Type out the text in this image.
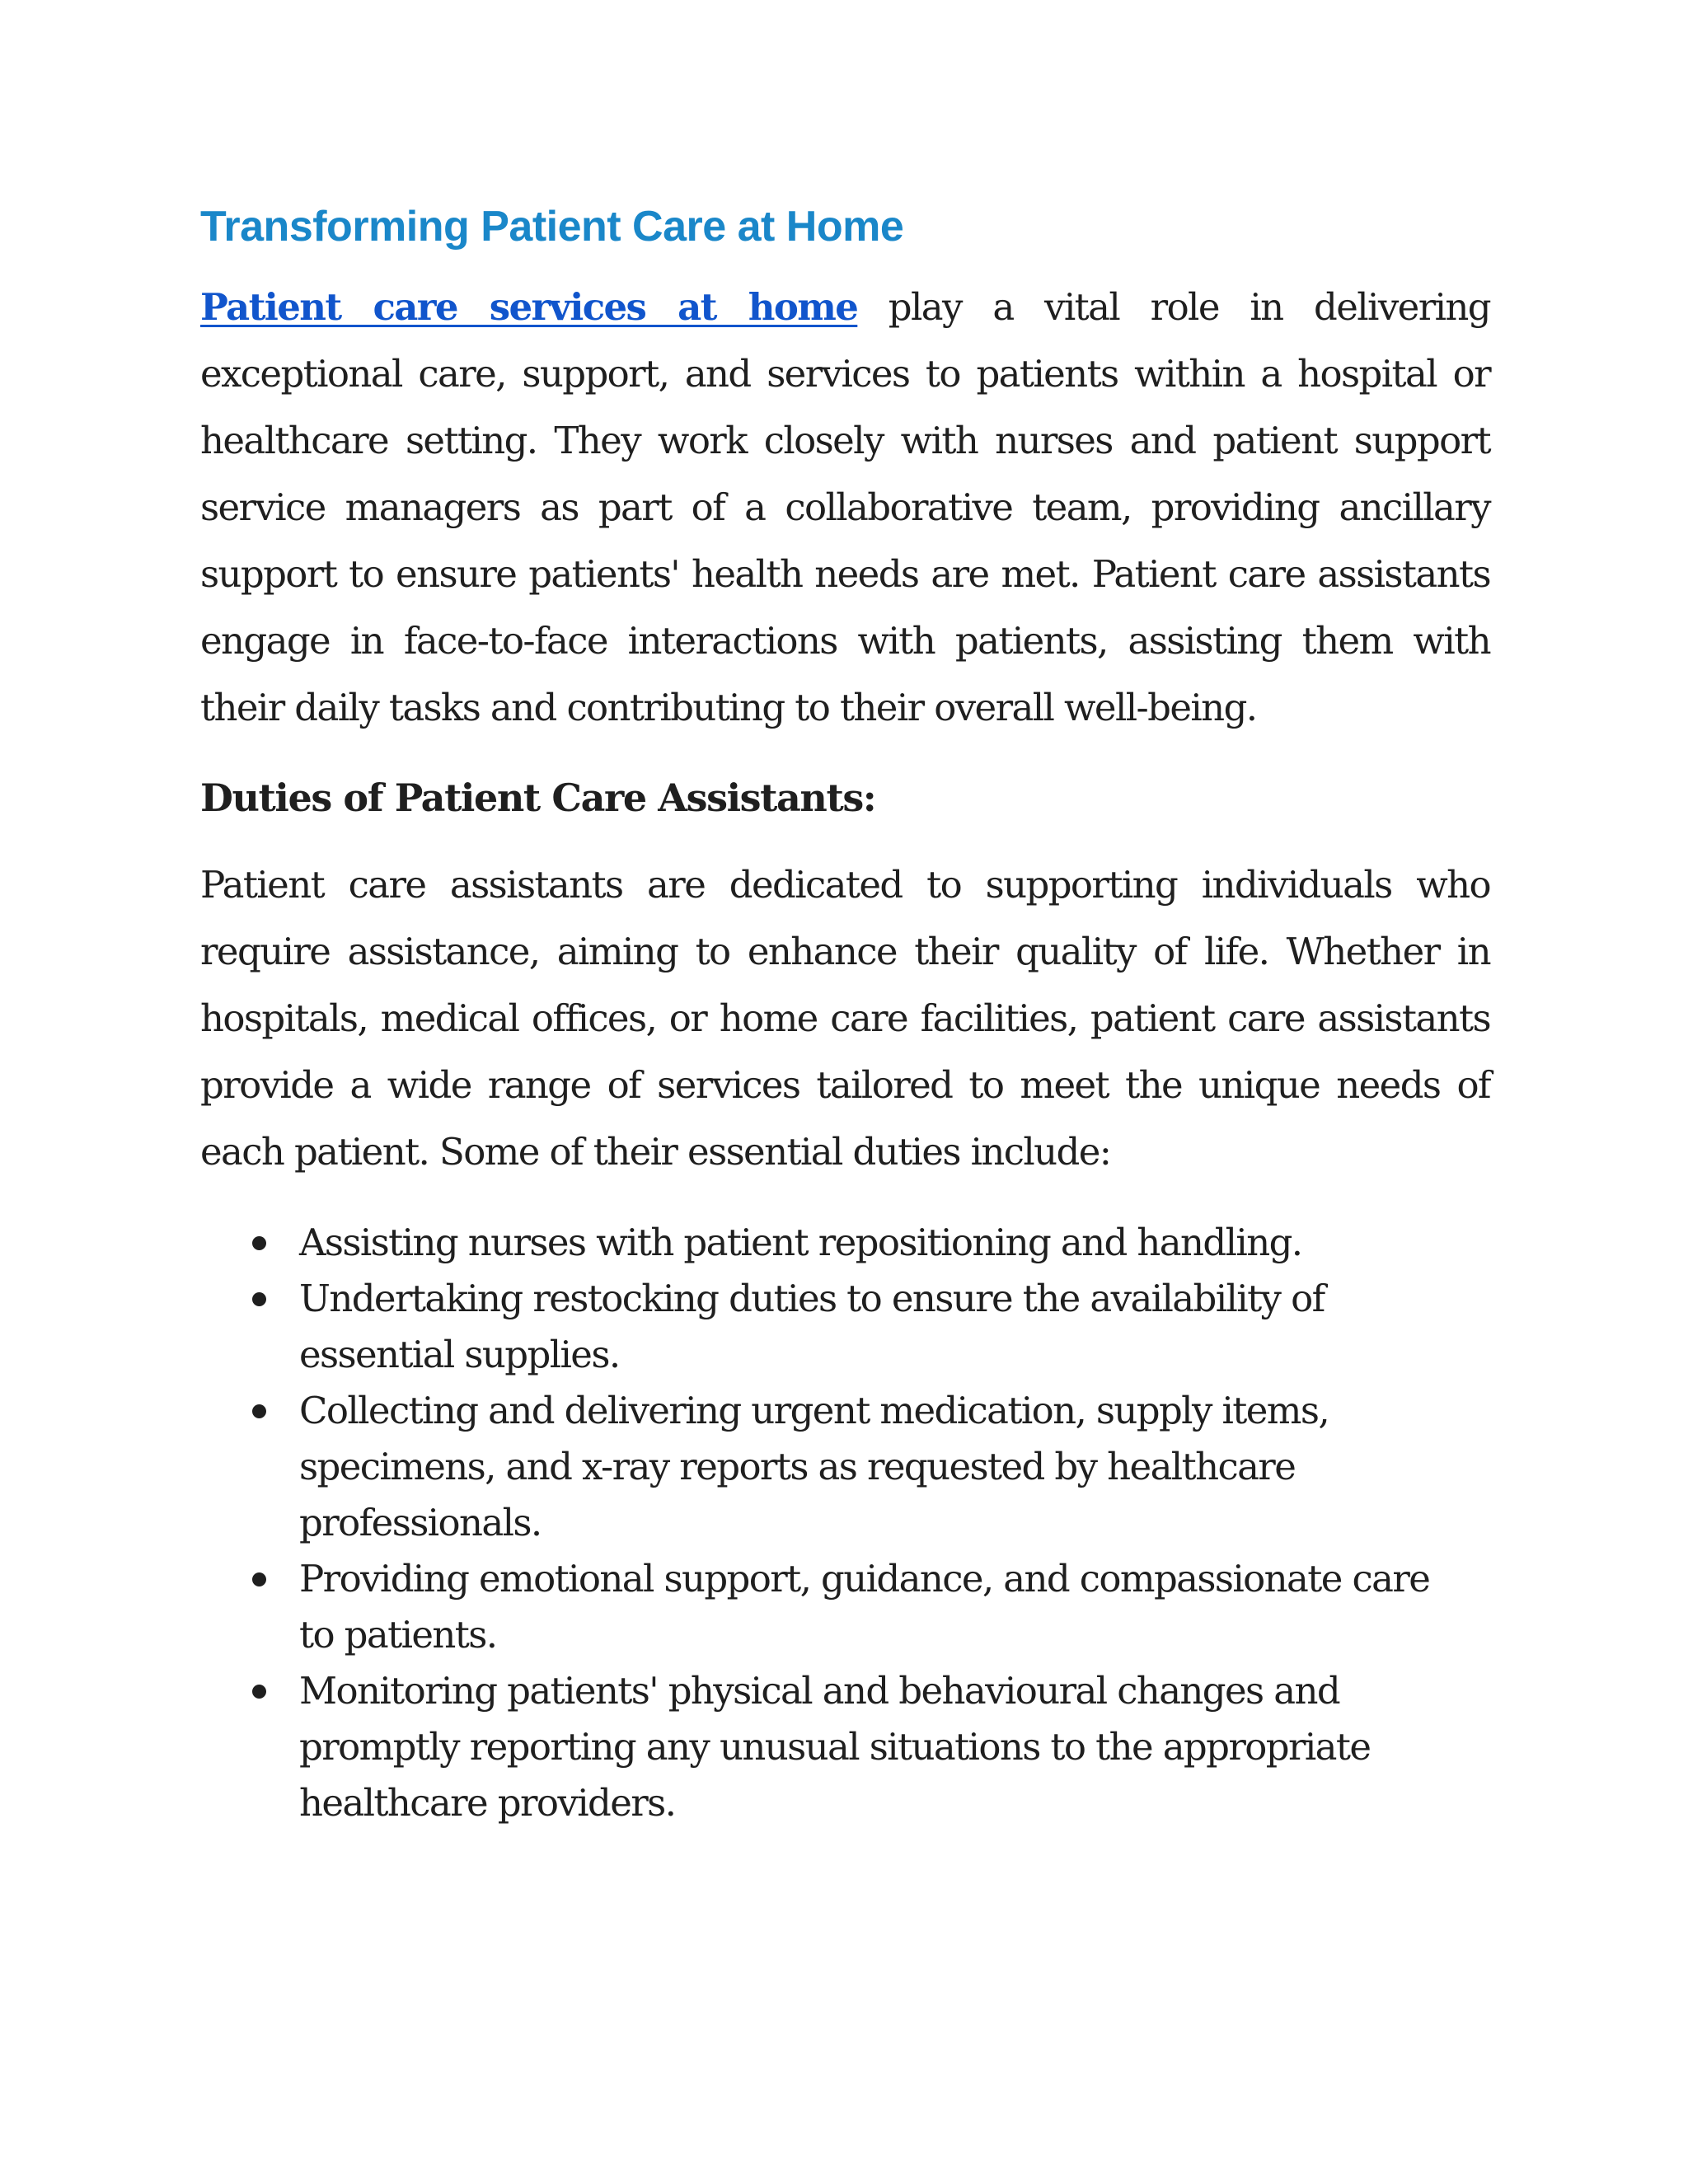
Transforming Patient Care at Home

Patient care services at home play a vital role in delivering exceptional care, support, and services to patients within a hospital or healthcare setting. They work closely with nurses and patient support service managers as part of a collaborative team, providing ancillary support to ensure patients' health needs are met. Patient care assistants engage in face-to-face interactions with patients, assisting them with their daily tasks and contributing to their overall well-being.

Duties of Patient Care Assistants:

Patient care assistants are dedicated to supporting individuals who require assistance, aiming to enhance their quality of life. Whether in hospitals, medical offices, or home care facilities, patient care assistants provide a wide range of services tailored to meet the unique needs of each patient. Some of their essential duties include:

Assisting nurses with patient repositioning and handling.
Undertaking restocking duties to ensure the availability of essential supplies.
Collecting and delivering urgent medication, supply items, specimens, and x-ray reports as requested by healthcare professionals.
Providing emotional support, guidance, and compassionate care to patients.
Monitoring patients' physical and behavioural changes and promptly reporting any unusual situations to the appropriate healthcare providers.
